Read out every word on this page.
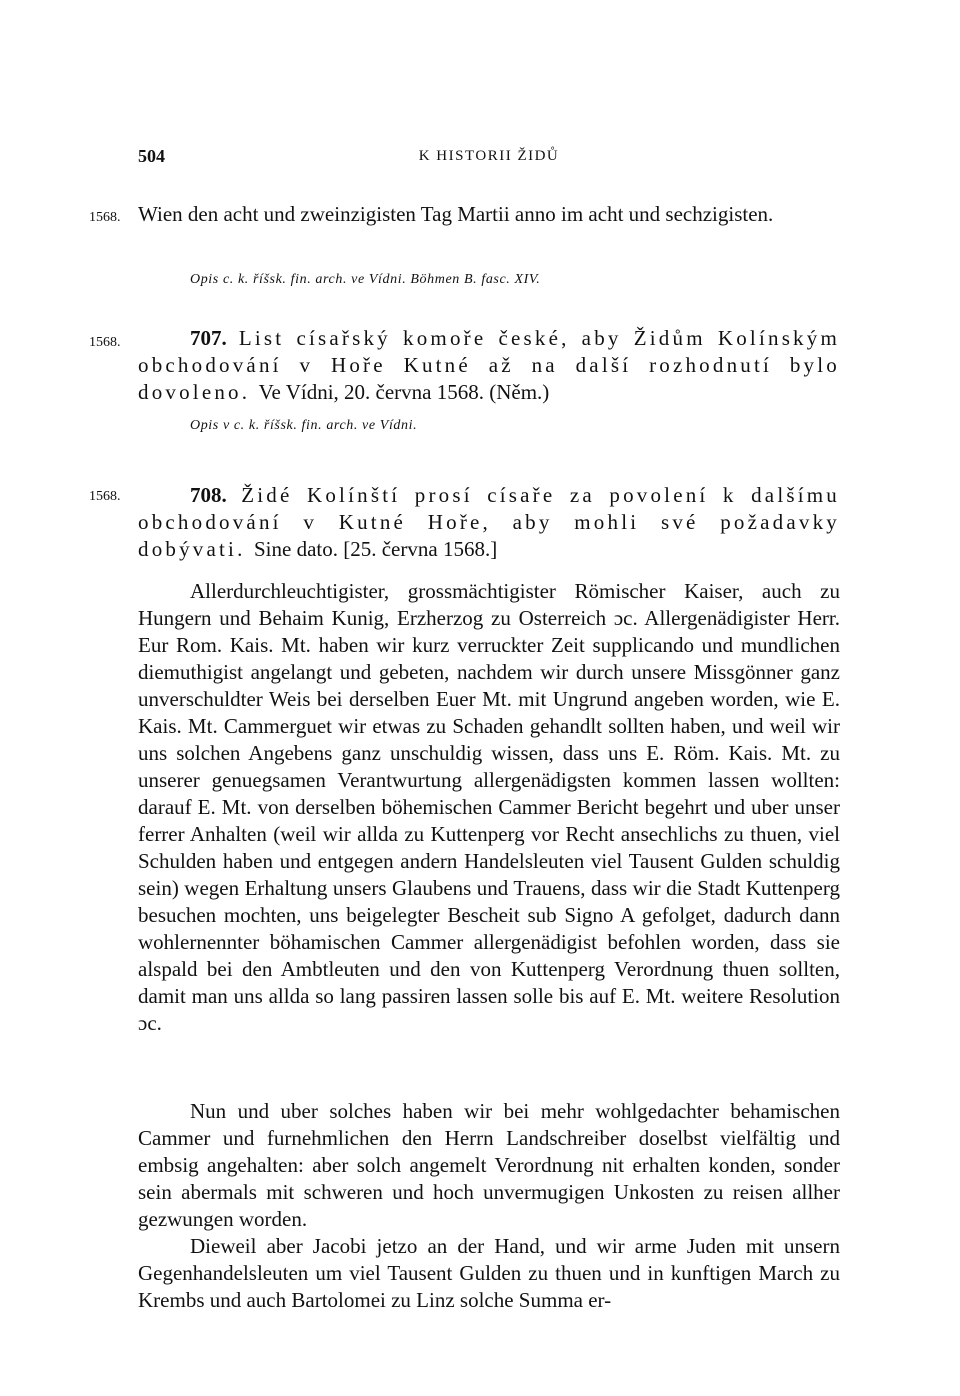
504	K HISTORII ŽIDŮ
1568. Wien den acht und zweinzigisten Tag Martii anno im acht und sechzigisten.
Opis c. k. říšsk. fin. arch. ve Vídni. Böhmen B. fasc. XIV.
1568.	707. List císařský komoře české, aby Židům Kolínským obchodování v Hoře Kutné až na další rozhodnutí bylo dovoleno. Ve Vídni, 20. června 1568. (Něm.)
Opis v c. k. říšsk. fin. arch. ve Vídni.
1568.	708. Židé Kolínští prosí císaře za povolení k dalšímu obchodování v Kutné Hoře, aby mohli své požadavky dobývati. Sine dato. [25. června 1568.]
Allerdurchleuchtigister, grossmächtigister Römischer Kaiser, auch zu Hungern und Behaim Kunig, Erzherzog zu Osterreich ɔc. Allergenädigister Herr. Eur Rom. Kais. Mt. haben wir kurz verruckter Zeit supplicando und mundlichen diemuthigist angelangt und gebeten, nachdem wir durch unsere Missgönner ganz unverschuldter Weis bei derselben Euer Mt. mit Ungrund angeben worden, wie E. Kais. Mt. Cammerguet wir etwas zu Schaden gehandlt sollten haben, und weil wir uns solchen Angebens ganz unschuldig wissen, dass uns E. Röm. Kais. Mt. zu unserer genuegsamen Verantwurtung allergenädigsten kommen lassen wollten: darauf E. Mt. von derselben böhemischen Cammer Bericht begehrt und uber unser ferrer Anhalten (weil wir allda zu Kuttenperg vor Recht ansechlichs zu thuen, viel Schulden haben und entgegen andern Handelsleuten viel Tausent Gulden schuldig sein) wegen Erhaltung unsers Glaubens und Trauens, dass wir die Stadt Kuttenperg besuchen mochten, uns beigelegter Bescheit sub Signo A gefolget, dadurch dann wohlernennter böhamischen Cammer allergenädigist befohlen worden, dass sie alspald bei den Ambtleuten und den von Kuttenperg Verordnung thuen sollten, damit man uns allda so lang passiren lassen solle bis auf E. Mt. weitere Resolution ɔc.
Nun und uber solches haben wir bei mehr wohlgedachter behamischen Cammer und furnehmlichen den Herrn Landschreiber doselbst vielfältig und embsig angehalten: aber solch angemelt Verordnung nit erhalten konden, sonder sein abermals mit schweren und hoch unvermugigen Unkosten zu reisen allher gezwungen worden.
Dieweil aber Jacobi jetzo an der Hand, und wir arme Juden mit unsern Gegenhandelsleuten um viel Tausent Gulden zu thuen und in kunftigen March zu Krembs und auch Bartolomei zu Linz solche Summa er-
